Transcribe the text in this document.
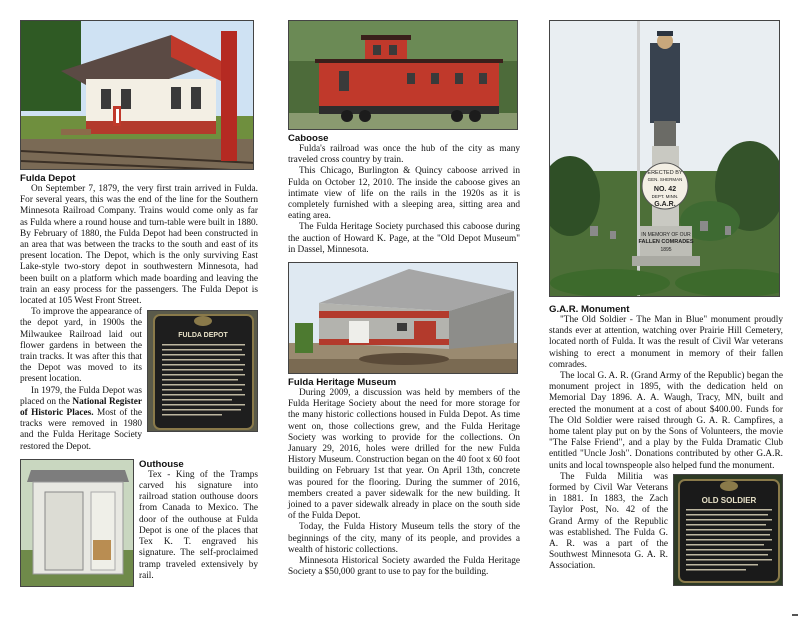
Fulda Depot

On September 7, 1879, the very first train arrived in Fulda. For several years, this was the end of the line for the Southern Minnesota Railroad Company. Trains would come only as far as Fulda where a round house and turn-table were built in 1880. By February of 1880, the Fulda Depot had been constructed in an area that was between the tracks to the south and east of its present location. The Depot, which is the only surviving East Lake-style two-story depot in southwestern Minnesota, had been built on a platform which made boarding and leaving the train an easy process for the passengers. The Fulda Depot is located at 105 West Front Street.

FULDA DEPOT

To improve the appearance of the depot yard, in 1900s the Milwaukee Railroad laid out flower gardens in between the train tracks. It was after this that the Depot was moved to its present location.

In 1979, the Fulda Depot was placed on the National Register of Historic Places. Most of the tracks were removed in 1980 and the Fulda Heritage Society restored the Depot.

Outhouse

Tex - King of the Tramps carved his signature into railroad station outhouse doors from Canada to Mexico. The door of the outhouse at Fulda Depot is one of the places that Tex K. T. engraved his signature. The self-proclaimed tramp traveled extensively by rail.

Caboose

Fulda's railroad was once the hub of the city as many traveled cross country by train.

This Chicago, Burlington & Quincy caboose arrived in Fulda on October 12, 2010. The inside the caboose gives an intimate view of life on the rails in the 1920s as it is completely furnished with a sleeping area, sitting area and eating area.

The Fulda Heritage Society purchased this caboose during the auction of Howard K. Page, at the "Old Depot Museum" in Dassel, Minnesota.

Fulda Heritage Museum

During 2009, a discussion was held by members of the Fulda Heritage Society about the need for more storage for the many historic collections housed in Fulda Depot. As time went on, those collections grew, and the Fulda Heritage Society was working to provide for the collections. On January 29, 2016, holes were drilled for the new Fulda History Museum. Construction began on the 40 foot x 60 foot building on February 1st that year. On April 13th, concrete was poured for the flooring. During the summer of 2016, members created a paver sidewalk for the new building. It joined to a paver sidewalk already in place on the south side of the Fulda Depot.

Today, the Fulda History Museum tells the story of the beginnings of the city, many of its people, and provides a wealth of historic collections.

Minnesota Historical Society awarded the Fulda Heritage Society a $50,000 grant to use to pay for the building.

ERECTED BY
GEN. SHERMAN
NO. 42
DEPT. MINN.
G.A.R.
IN MEMORY OF OUR
FALLEN COMRADES
1895
G.A.R. Monument

"The Old Soldier - The Man in Blue" monument proudly stands ever at attention, watching over Prairie Hill Cemetery, located north of Fulda. It was the result of Civil War veterans wishing to erect a monument in memory of their fallen comrades.

The local G. A. R. (Grand Army of the Republic) began the monument project in 1895, with the dedication held on Memorial Day 1896. A. A. Waugh, Tracy, MN, built and erected the monument at a cost of about $400.00. Funds for The Old Soldier were raised through G. A. R. Campfires, a home talent play put on by the Sons of Volunteers, the movie "The False Friend", and a play by the Fulda Dramatic Club entitled "Uncle Josh". Donations contributed by other G.A.R. units and local townspeople also helped fund the monument.

OLD SOLDIER

The Fulda Militia was formed by Civil War Veterans in 1881. In 1883, the Zach Taylor Post, No. 42 of the Grand Army of the Republic was established. The Fulda G. A. R. was a part of the Southwest Minnesota G. A. R. Association.
